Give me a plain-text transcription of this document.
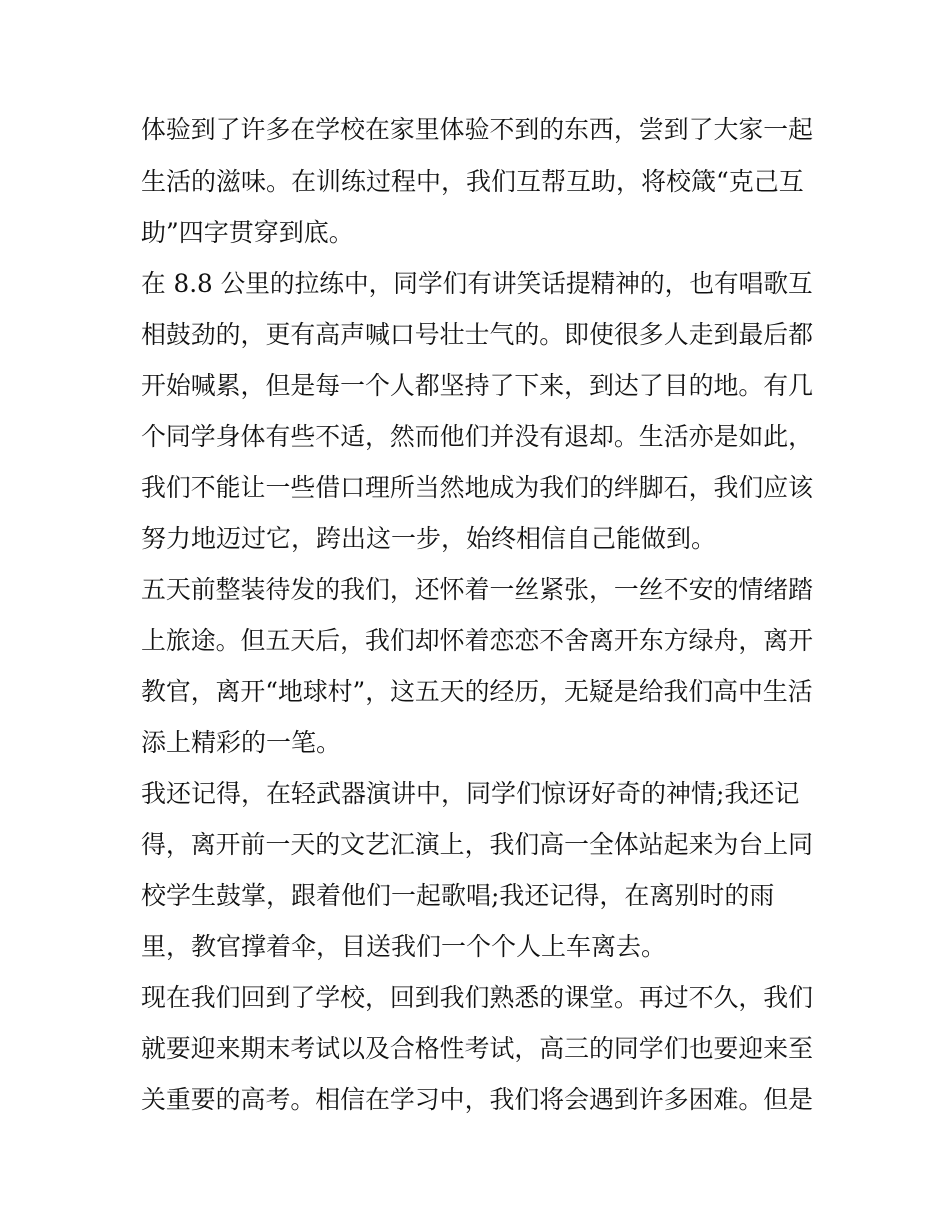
体验到了许多在学校在家里体验不到的东西，尝到了大家一起
生活的滋味。在训练过程中，我们互帮互助，将校箴“克己互
助”四字贯穿到底。
在 8.8 公里的拉练中，同学们有讲笑话提精神的，也有唱歌互
相鼓劲的，更有高声喊口号壮士气的。即使很多人走到最后都
开始喊累，但是每一个人都坚持了下来，到达了目的地。有几
个同学身体有些不适，然而他们并没有退却。生活亦是如此，
我们不能让一些借口理所当然地成为我们的绊脚石，我们应该
努力地迈过它，跨出这一步，始终相信自己能做到。
五天前整装待发的我们，还怀着一丝紧张，一丝不安的情绪踏
上旅途。但五天后，我们却怀着恋恋不舍离开东方绿舟，离开
教官，离开“地球村”，这五天的经历，无疑是给我们高中生活
添上精彩的一笔。
我还记得，在轻武器演讲中，同学们惊讶好奇的神情;我还记
得，离开前一天的文艺汇演上，我们高一全体站起来为台上同
校学生鼓掌，跟着他们一起歌唱;我还记得，在离别时的雨
里，教官撑着伞，目送我们一个个人上车离去。
现在我们回到了学校，回到我们熟悉的课堂。再过不久，我们
就要迎来期末考试以及合格性考试，高三的同学们也要迎来至
关重要的高考。相信在学习中，我们将会遇到许多困难。但是
